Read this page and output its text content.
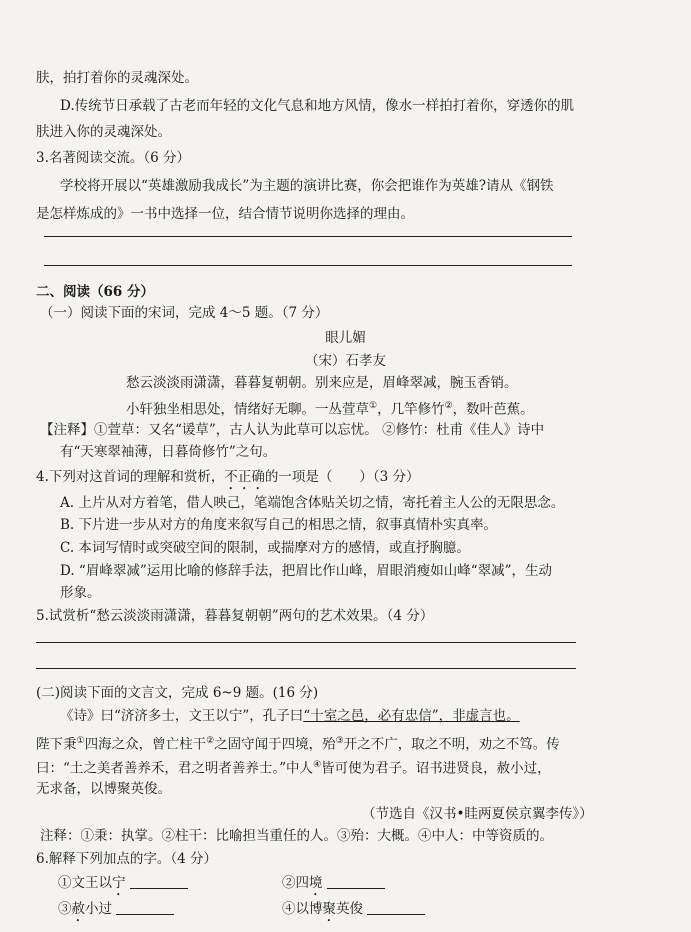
肤，拍打着你的灵魂深处。
D.传统节日承载了古老而年轻的文化气息和地方风情，像水一样拍打着你，穿透你的肌
肤进入你的灵魂深处。
3.名著阅读交流。（6 分）
学校将开展以“英雄激励我成长”为主题的演讲比赛，你会把谁作为英雄?请从《钢铁
是怎样炼成的》一书中选择一位，结合情节说明你选择的理由。
二、阅读（66 分）
（一）阅读下面的宋词，完成 4～5 题。（7 分）
眼儿媚
（宋）石孝友
愁云淡淡雨潇潇，暮暮复朝朝。别来应是，眉峰翠减，腕玉香销。
小轩独坐相思处，情绪好无聊。一丛萱草①，几竿修竹②，数叶芭蕉。
【注释】①萱草：又名“谖草”，古人认为此草可以忘忧。 ②修竹：杜甫《佳人》诗中
有“天寒翠袖薄，日暮倚修竹”之句。
4.下列对这首词的理解和赏析，不正确的一项是（　　）（3 分）
A. 上片从对方着笔，借人映己，笔端饱含体贴关切之情，寄托着主人公的无限思念。
B. 下片进一步从对方的角度来叙写自己的相思之情，叙事真情朴实真率。
C. 本词写情时或突破空间的限制，或揣摩对方的感情，或直抒胸臆。
D. “眉峰翠减”运用比喻的修辞手法，把眉比作山峰，眉眼消瘦如山峰“翠减”，生动
形象。
5.试赏析“愁云淡淡雨潇潇，暮暮复朝朝”两句的艺术效果。（4 分）
(二)阅读下面的文言文，完成 6~9 题。(16 分)
《诗》曰“济济多士，文王以宁”，孔子曰“十室之邑，必有忠信”，非虚言也。
陛下秉①四海之众，曾亡柱干②之固守闻于四境，殆③开之不广，取之不明，劝之不笃。传
曰：“土之美者善养禾，君之明者善养士。”中人④皆可使为君子。诏书进贤良，赦小过，
无求备，以博聚英俊。
（节选自《汉书•眭两夏侯京翼李传》）
注释：①秉：执掌。②柱干：比喻担当重任的人。③殆：大概。④中人：中等资质的。
6.解释下列加点的字。（4 分）
①文王以宁	②四境
③赦小过	④以博聚英俊
